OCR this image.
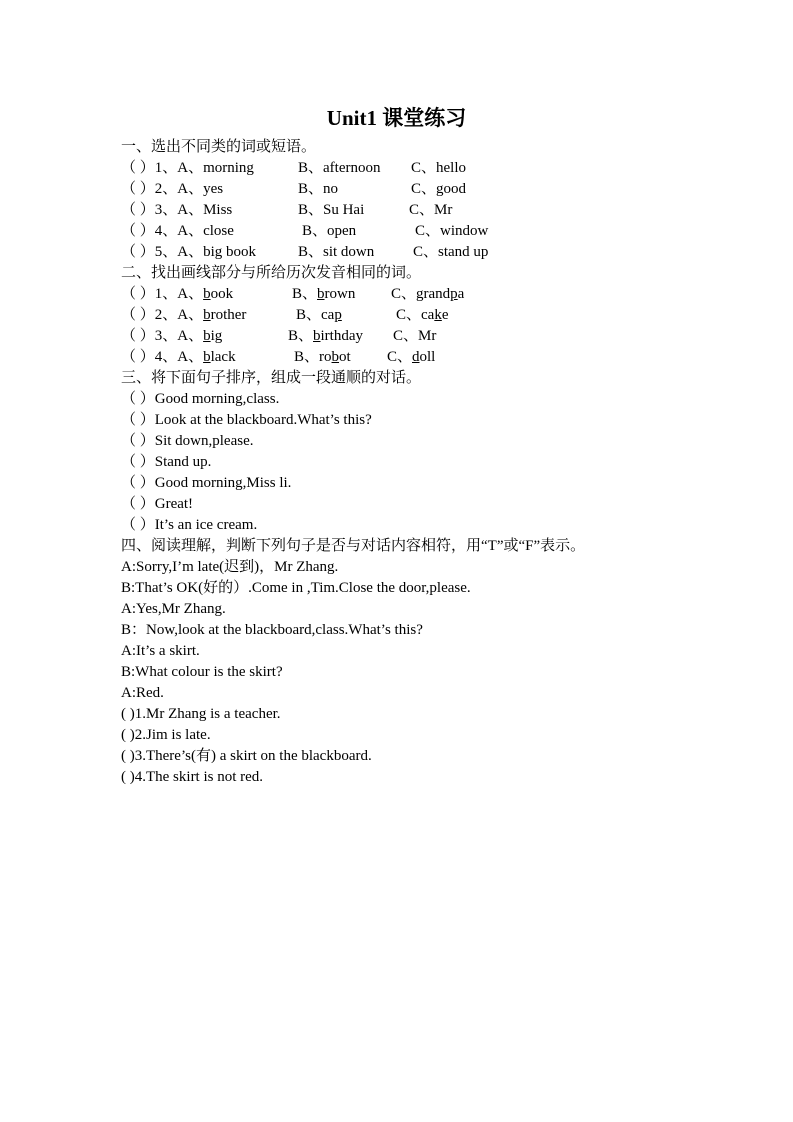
Unit1 课堂练习
一、选出不同类的词或短语。
（ ）1、A、morning	B、afternoon C、hello
（ ）2、A、yes	B、no	C、good
（ ）3、A、Miss	B、Su Hai	C、Mr
（ ）4、A、close	B、open	C、window
（ ）5、A、big book	B、sit down	C、stand up
二、找出画线部分与所给历次发音相同的词。
（ ）1、A、book	B、brown C、grandpa
（ ）2、A、brother	B、cap	C、cake
（ ）3、A、big	B、birthday C、Mr
（ ）4、A、black	B、robot C、doll
三、将下面句子排序，组成一段通顺的对话。
（ ）Good morning,class.
（ ）Look at the blackboard.What’s this?
（ ）Sit down,please.
（ ）Stand up.
（ ）Good morning,Miss li.
（ ）Great!
（ ）It’s an ice cream.
四、阅读理解，判断下列句子是否与对话内容相符，用“T”或“F”表示。
A:Sorry,I’m late(迟到)，Mr Zhang.
B:That’s OK(好的）.Come in ,Tim.Close the door,please.
A:Yes,Mr Zhang.
B：Now,look at the blackboard,class.What’s this?
A:It’s a skirt.
B:What colour is the skirt?
A:Red.
( )1.Mr Zhang is a teacher.
( )2.Jim is late.
( )3.There’s(有) a skirt on the blackboard.
( )4.The skirt is not red.
